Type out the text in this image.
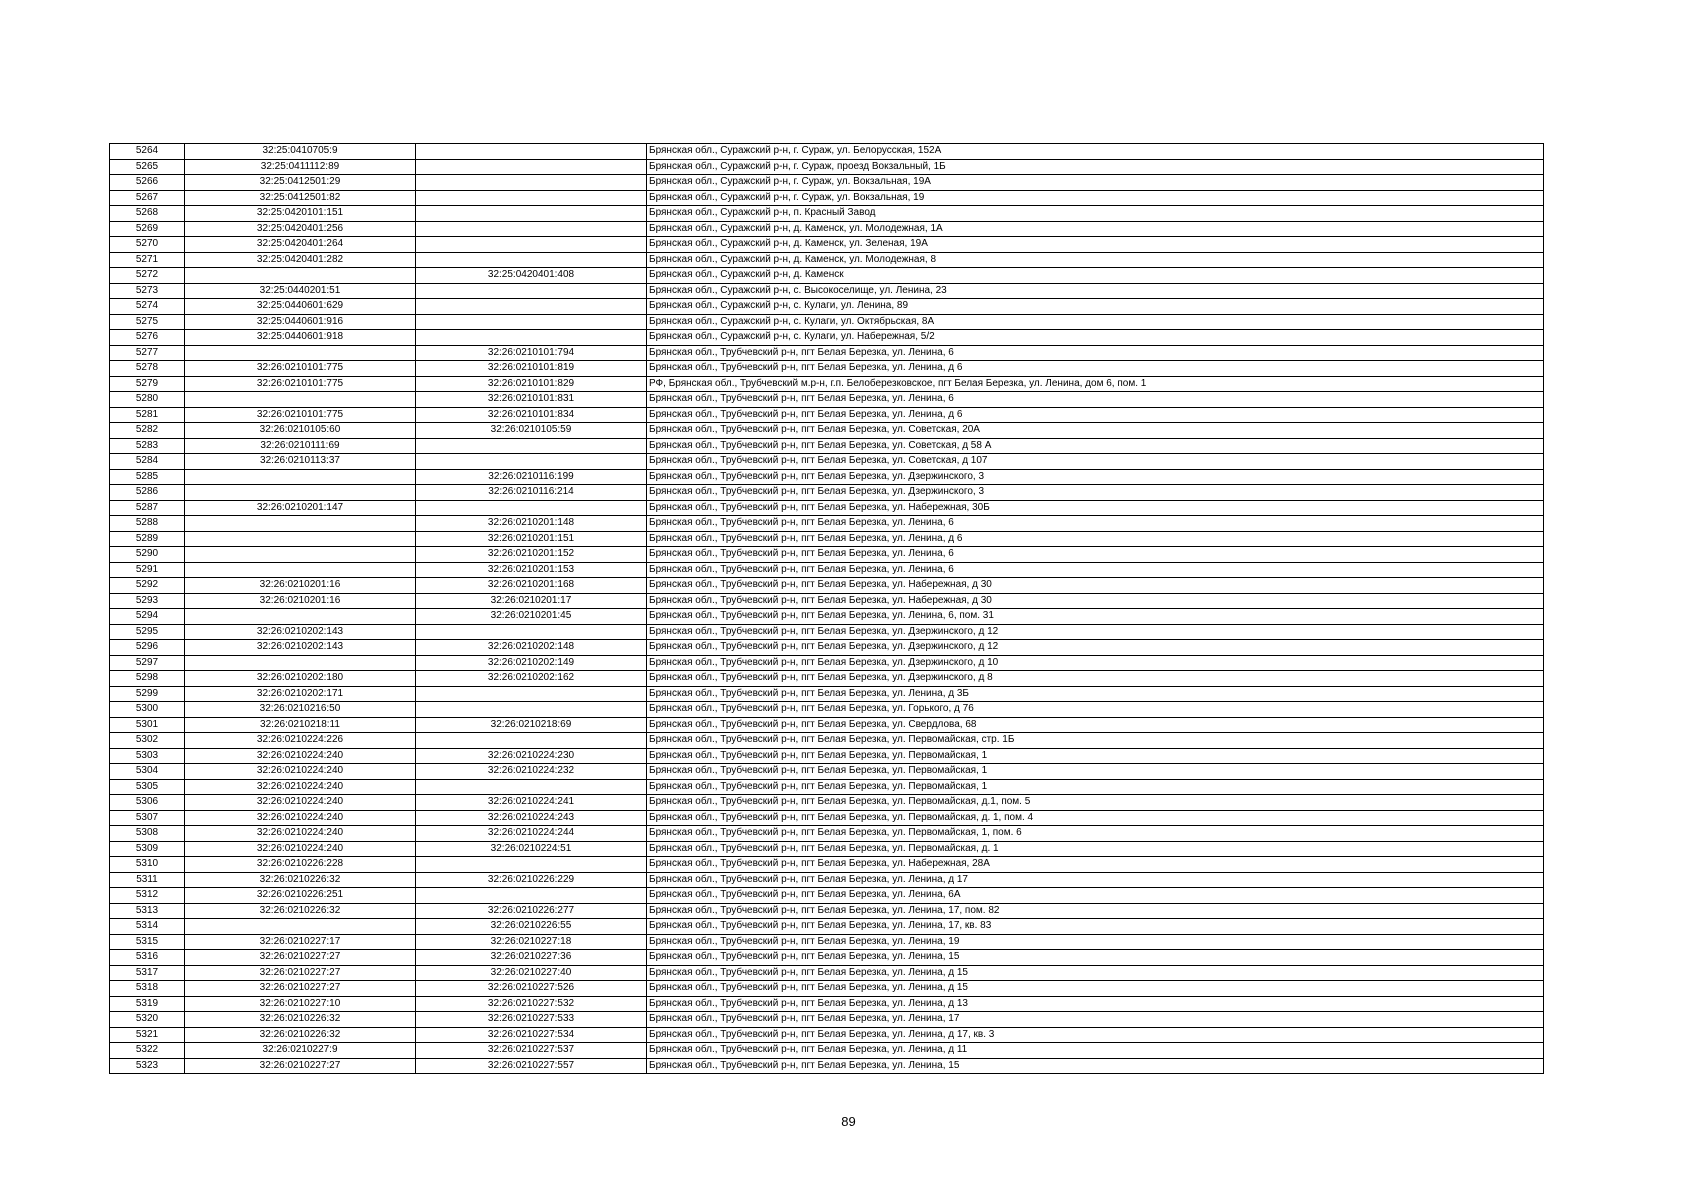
5264	32:25:0410705:9		Брянская обл., Суражский р-н, г. Сураж, ул. Белорусская, 152А
5265	32:25:0411112:89		Брянская обл., Суражский р-н, г. Сураж, проезд Вокзальный, 1Б
5266	32:25:0412501:29		Брянская обл., Суражский р-н, г. Сураж, ул. Вокзальная, 19А
5267	32:25:0412501:82		Брянская обл., Суражский р-н, г. Сураж, ул. Вокзальная, 19
5268	32:25:0420101:151		Брянская обл., Суражский р-н, п. Красный Завод
5269	32:25:0420401:256		Брянская обл., Суражский р-н, д. Каменск, ул. Молодежная, 1А
5270	32:25:0420401:264		Брянская обл., Суражский р-н, д. Каменск, ул. Зеленая, 19А
5271	32:25:0420401:282		Брянская обл., Суражский р-н, д. Каменск, ул. Молодежная, 8
5272		32:25:0420401:408	Брянская обл., Суражский р-н, д. Каменск
5273	32:25:0440201:51		Брянская обл., Суражский р-н, с. Высокоселище, ул. Ленина, 23
5274	32:25:0440601:629		Брянская обл., Суражский р-н, с. Кулаги, ул. Ленина, 89
5275	32:25:0440601:916		Брянская обл., Суражский р-н, с. Кулаги, ул. Октябрьская, 8А
5276	32:25:0440601:918		Брянская обл., Суражский р-н, с. Кулаги, ул. Набережная, 5/2
5277		32:26:0210101:794	Брянская обл., Трубчевский р-н, пгт Белая Березка, ул. Ленина, 6
5278	32:26:0210101:775	32:26:0210101:819	Брянская обл., Трубчевский р-н, пгт Белая Березка, ул. Ленина, д 6
5279	32:26:0210101:775	32:26:0210101:829	РФ, Брянская обл., Трубчевский м.р-н, г.п. Белоберезковское, пгт Белая Березка, ул. Ленина, дом 6, пом. 1
5280		32:26:0210101:831	Брянская обл., Трубчевский р-н, пгт Белая Березка, ул. Ленина, 6
5281	32:26:0210101:775	32:26:0210101:834	Брянская обл., Трубчевский р-н, пгт Белая Березка, ул. Ленина, д 6
5282	32:26:0210105:60	32:26:0210105:59	Брянская обл., Трубчевский р-н, пгт Белая Березка, ул. Советская, 20А
5283	32:26:0210111:69		Брянская обл., Трубчевский р-н, пгт Белая Березка, ул. Советская, д 58 А
5284	32:26:0210113:37		Брянская обл., Трубчевский р-н, пгт Белая Березка, ул. Советская, д 107
5285		32:26:0210116:199	Брянская обл., Трубчевский р-н, пгт Белая Березка, ул. Дзержинского, 3
5286		32:26:0210116:214	Брянская обл., Трубчевский р-н, пгт Белая Березка, ул. Дзержинского, 3
5287	32:26:0210201:147		Брянская обл., Трубчевский р-н, пгт Белая Березка, ул. Набережная, 30Б
5288		32:26:0210201:148	Брянская обл., Трубчевский р-н, пгт Белая Березка, ул. Ленина, 6
5289		32:26:0210201:151	Брянская обл., Трубчевский р-н, пгт Белая Березка, ул. Ленина, д 6
5290		32:26:0210201:152	Брянская обл., Трубчевский р-н, пгт Белая Березка, ул. Ленина, 6
5291		32:26:0210201:153	Брянская обл., Трубчевский р-н, пгт Белая Березка, ул. Ленина, 6
5292	32:26:0210201:16	32:26:0210201:168	Брянская обл., Трубчевский р-н, пгт Белая Березка, ул. Набережная, д 30
5293	32:26:0210201:16	32:26:0210201:17	Брянская обл., Трубчевский р-н, пгт Белая Березка, ул. Набережная, д 30
5294		32:26:0210201:45	Брянская обл., Трубчевский р-н, пгт Белая Березка, ул. Ленина, 6, пом. 31
5295	32:26:0210202:143		Брянская обл., Трубчевский р-н, пгт Белая Березка, ул. Дзержинского, д 12
5296	32:26:0210202:143	32:26:0210202:148	Брянская обл., Трубчевский р-н, пгт Белая Березка, ул. Дзержинского, д 12
5297		32:26:0210202:149	Брянская обл., Трубчевский р-н, пгт Белая Березка, ул. Дзержинского, д 10
5298	32:26:0210202:180	32:26:0210202:162	Брянская обл., Трубчевский р-н, пгт Белая Березка, ул. Дзержинского, д 8
5299	32:26:0210202:171		Брянская обл., Трубчевский р-н, пгт Белая Березка, ул. Ленина, д 3Б
5300	32:26:0210216:50		Брянская обл., Трубчевский р-н, пгт Белая Березка, ул. Горького, д 76
5301	32:26:0210218:11	32:26:0210218:69	Брянская обл., Трубчевский р-н, пгт Белая Березка, ул. Свердлова, 68
5302	32:26:0210224:226		Брянская обл., Трубчевский р-н, пгт Белая Березка, ул. Первомайская, стр. 1Б
5303	32:26:0210224:240	32:26:0210224:230	Брянская обл., Трубчевский р-н, пгт Белая Березка, ул. Первомайская, 1
5304	32:26:0210224:240	32:26:0210224:232	Брянская обл., Трубчевский р-н, пгт Белая Березка, ул. Первомайская, 1
5305	32:26:0210224:240		Брянская обл., Трубчевский р-н, пгт Белая Березка, ул. Первомайская, 1
5306	32:26:0210224:240	32:26:0210224:241	Брянская обл., Трубчевский р-н, пгт Белая Березка, ул. Первомайская, д.1, пом. 5
5307	32:26:0210224:240	32:26:0210224:243	Брянская обл., Трубчевский р-н, пгт Белая Березка, ул. Первомайская, д. 1, пом. 4
5308	32:26:0210224:240	32:26:0210224:244	Брянская обл., Трубчевский р-н, пгт Белая Березка, ул. Первомайская, 1, пом. 6
5309	32:26:0210224:240	32:26:0210224:51	Брянская обл., Трубчевский р-н, пгт Белая Березка, ул. Первомайская, д. 1
5310	32:26:0210226:228		Брянская обл., Трубчевский р-н, пгт Белая Березка, ул. Набережная, 28А
5311	32:26:0210226:32	32:26:0210226:229	Брянская обл., Трубчевский р-н, пгт Белая Березка, ул. Ленина, д 17
5312	32:26:0210226:251		Брянская обл., Трубчевский р-н, пгт Белая Березка, ул. Ленина, 6А
5313	32:26:0210226:32	32:26:0210226:277	Брянская обл., Трубчевский р-н, пгт Белая Березка, ул. Ленина, 17, пом. 82
5314		32:26:0210226:55	Брянская обл., Трубчевский р-н, пгт Белая Березка, ул. Ленина, 17, кв. 83
5315	32:26:0210227:17	32:26:0210227:18	Брянская обл., Трубчевский р-н, пгт Белая Березка, ул. Ленина, 19
5316	32:26:0210227:27	32:26:0210227:36	Брянская обл., Трубчевский р-н, пгт Белая Березка, ул. Ленина, 15
5317	32:26:0210227:27	32:26:0210227:40	Брянская обл., Трубчевский р-н, пгт Белая Березка, ул. Ленина, д 15
5318	32:26:0210227:27	32:26:0210227:526	Брянская обл., Трубчевский р-н, пгт Белая Березка, ул. Ленина, д 15
5319	32:26:0210227:10	32:26:0210227:532	Брянская обл., Трубчевский р-н, пгт Белая Березка, ул. Ленина, д 13
5320	32:26:0210226:32	32:26:0210227:533	Брянская обл., Трубчевский р-н, пгт Белая Березка, ул. Ленина, 17
5321	32:26:0210226:32	32:26:0210227:534	Брянская обл., Трубчевский р-н, пгт Белая Березка, ул. Ленина, д 17, кв. 3
5322	32:26:0210227:9	32:26:0210227:537	Брянская обл., Трубчевский р-н, пгт Белая Березка, ул. Ленина, д 11
5323	32:26:0210227:27	32:26:0210227:557	Брянская обл., Трубчевский р-н, пгт Белая Березка, ул. Ленина, 15
89
